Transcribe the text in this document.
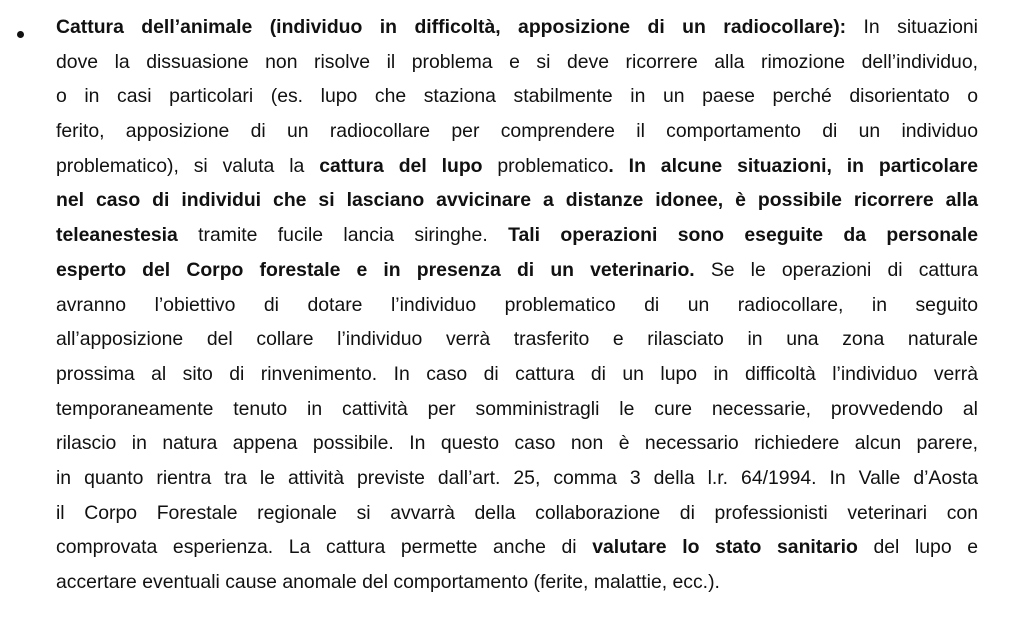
Cattura dell’animale (individuo in difficoltà, apposizione di un radiocollare): In situazioni
dove la dissuasione non risolve il problema e si deve ricorrere alla rimozione dell’individuo,
o in casi particolari (es. lupo che staziona stabilmente in un paese perché disorientato o
ferito, apposizione di un radiocollare per comprendere il comportamento di un individuo
problematico), si valuta la cattura del lupo problematico. In alcune situazioni, in particolare
nel caso di individui che si lasciano avvicinare a distanze idonee, è possibile ricorrere alla
teleanestesia tramite fucile lancia siringhe. Tali operazioni sono eseguite da personale
esperto del Corpo forestale e in presenza di un veterinario. Se le operazioni di cattura
avranno l’obiettivo di dotare l’individuo problematico di un radiocollare, in seguito
all’apposizione del collare l’individuo verrà trasferito e rilasciato in una zona naturale
prossima al sito di rinvenimento. In caso di cattura di un lupo in difficoltà l’individuo verrà
temporaneamente tenuto in cattività per somministragli le cure necessarie, provvedendo al
rilascio in natura appena possibile. In questo caso non è necessario richiedere alcun parere,
in quanto rientra tra le attività previste dall’art. 25, comma 3 della l.r. 64/1994. In Valle d’Aosta
il Corpo Forestale regionale si avvarrà della collaborazione di professionisti veterinari con
comprovata esperienza. La cattura permette anche di valutare lo stato sanitario del lupo e
accertare eventuali cause anomale del comportamento (ferite, malattie, ecc.).
